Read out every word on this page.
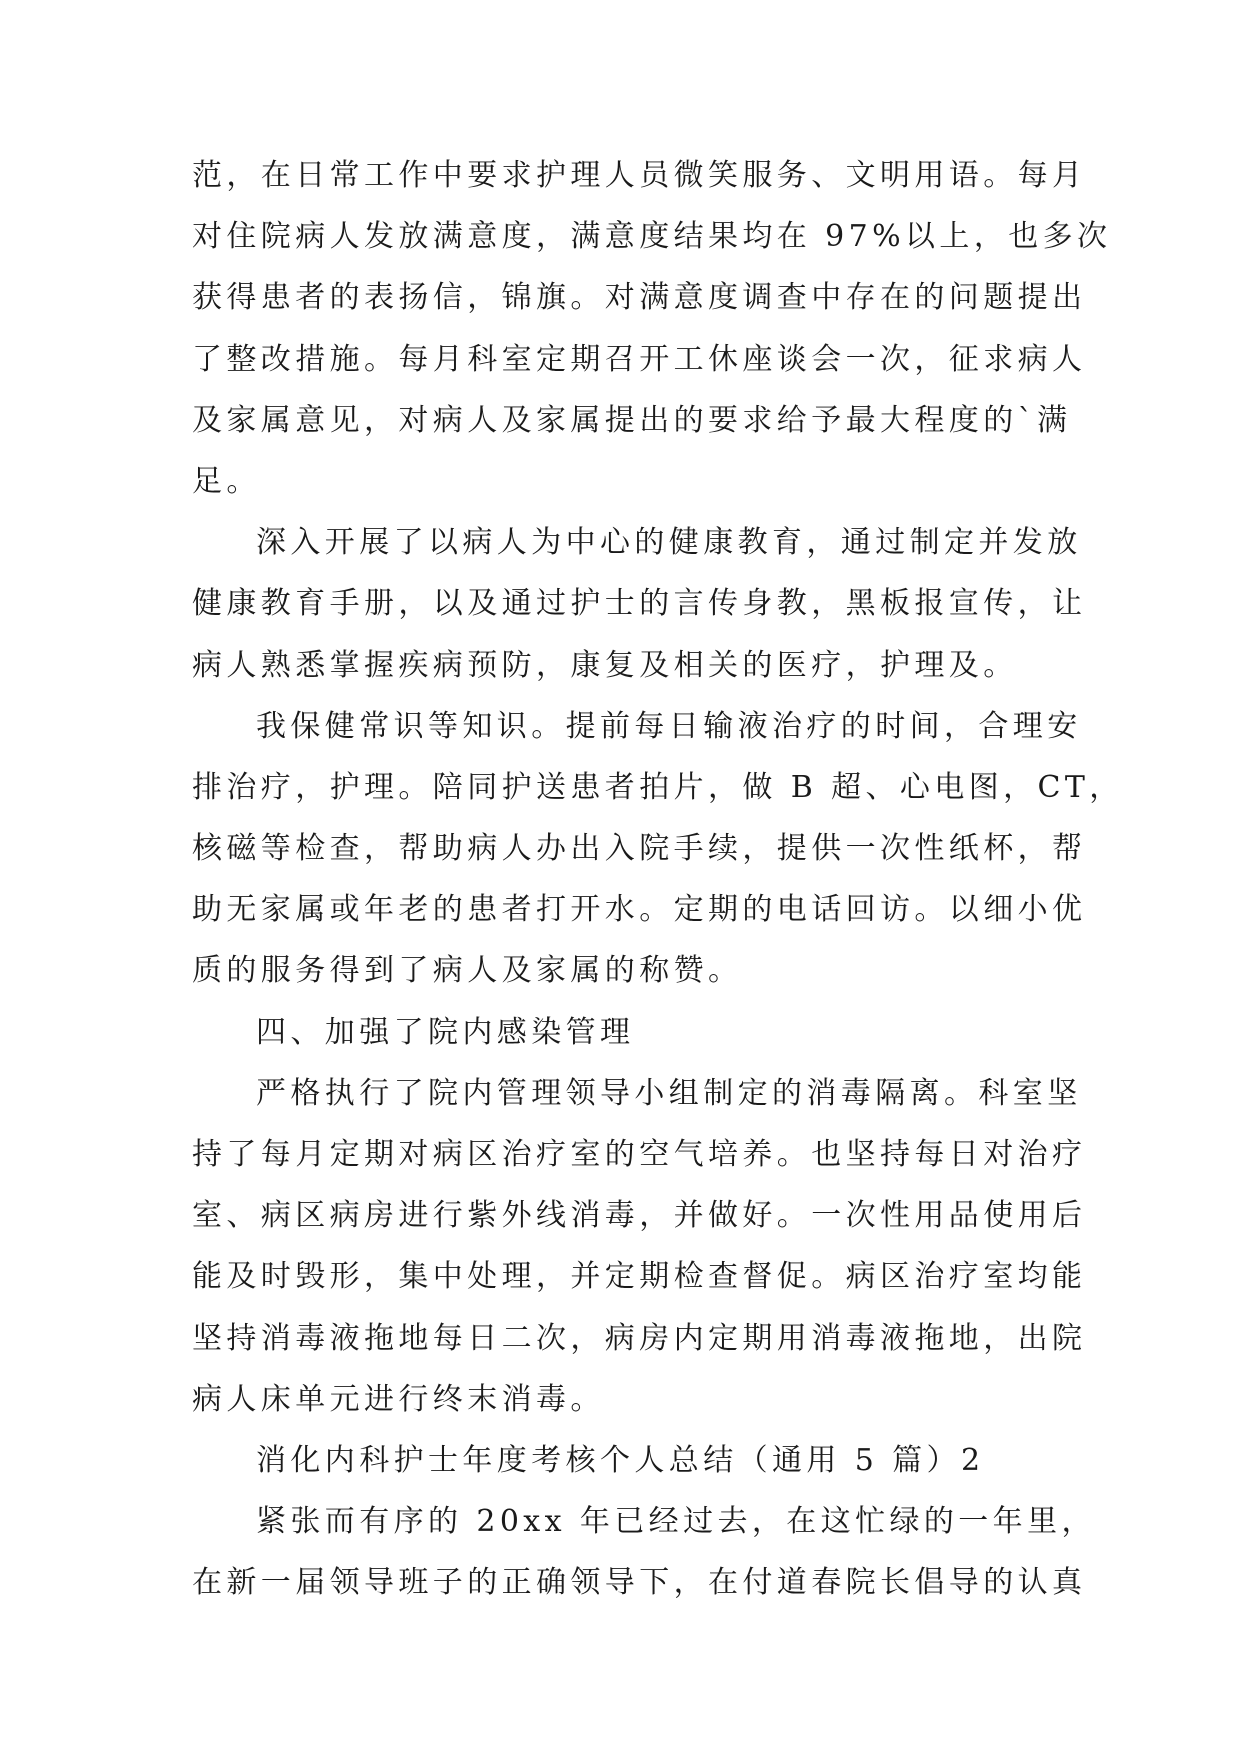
范，在日常工作中要求护理人员微笑服务、文明用语。每月
对住院病人发放满意度，满意度结果均在 97%以上，也多次
获得患者的表扬信，锦旗。对满意度调查中存在的问题提出
了整改措施。每月科室定期召开工休座谈会一次，征求病人
及家属意见，对病人及家属提出的要求给予最大程度的`满
足。
深入开展了以病人为中心的健康教育，通过制定并发放
健康教育手册，以及通过护士的言传身教，黑板报宣传，让
病人熟悉掌握疾病预防，康复及相关的医疗，护理及。
我保健常识等知识。提前每日输液治疗的时间，合理安
排治疗，护理。陪同护送患者拍片，做 B 超、心电图，CT，
核磁等检查，帮助病人办出入院手续，提供一次性纸杯，帮
助无家属或年老的患者打开水。定期的电话回访。以细小优
质的服务得到了病人及家属的称赞。
四、加强了院内感染管理
严格执行了院内管理领导小组制定的消毒隔离。科室坚
持了每月定期对病区治疗室的空气培养。也坚持每日对治疗
室、病区病房进行紫外线消毒，并做好。一次性用品使用后
能及时毁形，集中处理，并定期检查督促。病区治疗室均能
坚持消毒液拖地每日二次，病房内定期用消毒液拖地，出院
病人床单元进行终末消毒。
消化内科护士年度考核个人总结（通用 5 篇）2
紧张而有序的 20xx 年已经过去，在这忙绿的一年里，
在新一届领导班子的正确领导下，在付道春院长倡导的认真
